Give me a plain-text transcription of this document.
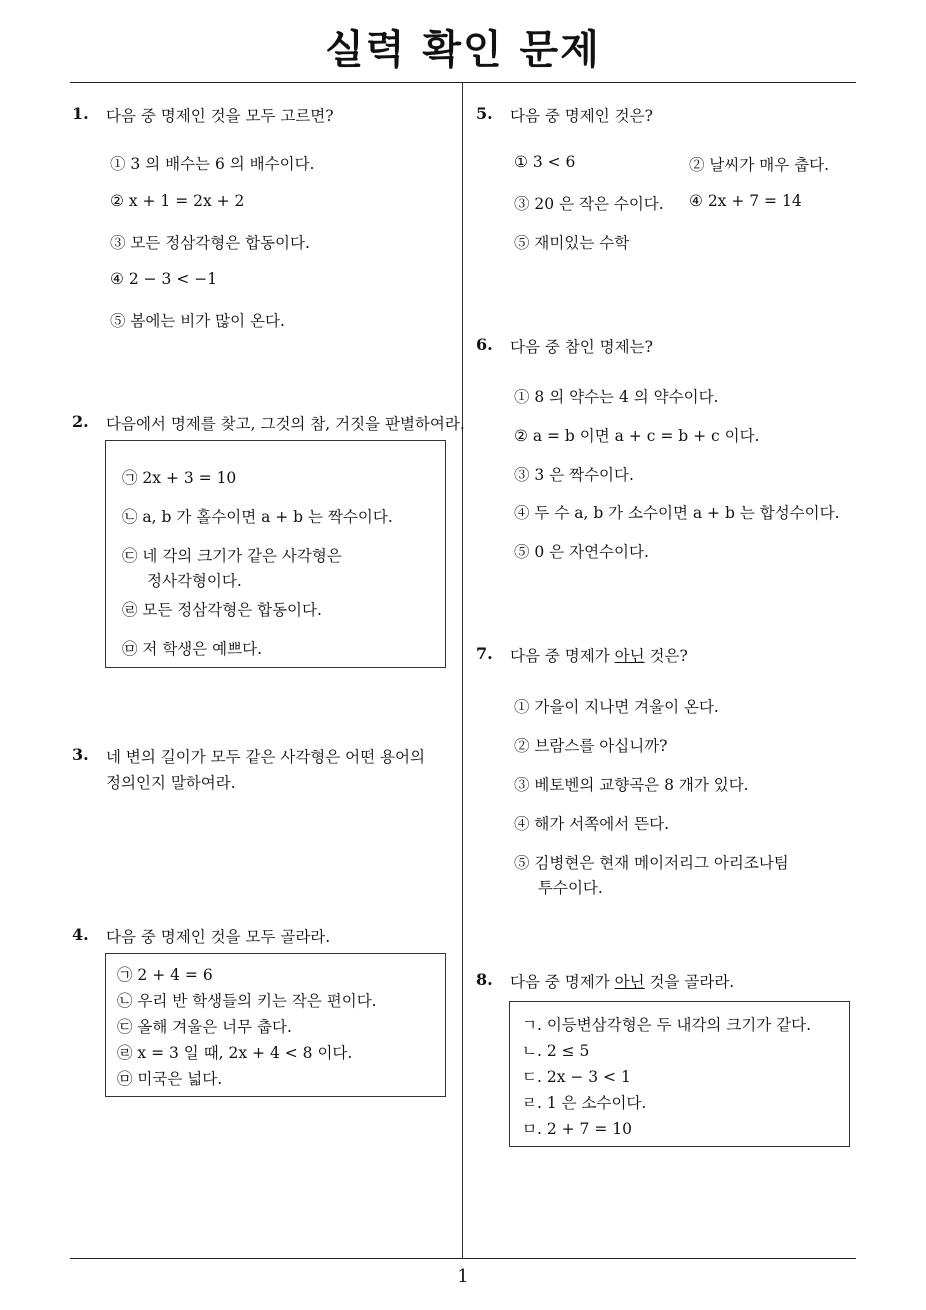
실력 확인 문제
1
1. 다음 중 명제인 것을 모두 고르면?
① 3 의 배수는 6 의 배수이다.
② x + 1 = 2x + 2
③ 모든 정삼각형은 합동이다.
④ 2 − 3 < −1
⑤ 봄에는 비가 많이 온다.
2. 다음에서 명제를 찾고, 그것의 참, 거짓을 판별하여라.
㉠ 2x + 3 = 10
㉡ a, b 가 홀수이면 a + b 는 짝수이다.
㉢ 네 각의 크기가 같은 사각형은
정사각형이다.
㉣ 모든 정삼각형은 합동이다.
㉤ 저 학생은 예쁘다.
3. 네 변의 길이가 모두 같은 사각형은 어떤 용어의
정의인지 말하여라.
4. 다음 중 명제인 것을 모두 골라라.
㉠ 2 + 4 = 6
㉡ 우리 반 학생들의 키는 작은 편이다.
㉢ 올해 겨울은 너무 춥다.
㉣ x = 3 일 때, 2x + 4 < 8 이다.
㉤ 미국은 넓다.
5. 다음 중 명제인 것은?
① 3 < 6	② 날씨가 매우 춥다.
③ 20 은 작은 수이다. ④ 2x + 7 = 14
⑤ 재미있는 수학
6. 다음 중 참인 명제는?
① 8 의 약수는 4 의 약수이다.
② a = b 이면 a + c = b + c 이다.
③ 3 은 짝수이다.
④ 두 수 a, b 가 소수이면 a + b 는 합성수이다.
⑤ 0 은 자연수이다.
7. 다음 중 명제가 아닌 것은?
① 가을이 지나면 겨울이 온다.
② 브람스를 아십니까?
③ 베토벤의 교향곡은 8 개가 있다.
④ 해가 서쪽에서 뜬다.
⑤ 김병현은 현재 메이저리그 아리조나팀
투수이다.
8. 다음 중 명제가 아닌 것을 골라라.
ㄱ. 이등변삼각형은 두 내각의 크기가 같다.
ㄴ. 2 ≤ 5
ㄷ. 2x − 3 < 1
ㄹ. 1 은 소수이다.
ㅁ. 2 + 7 = 10
